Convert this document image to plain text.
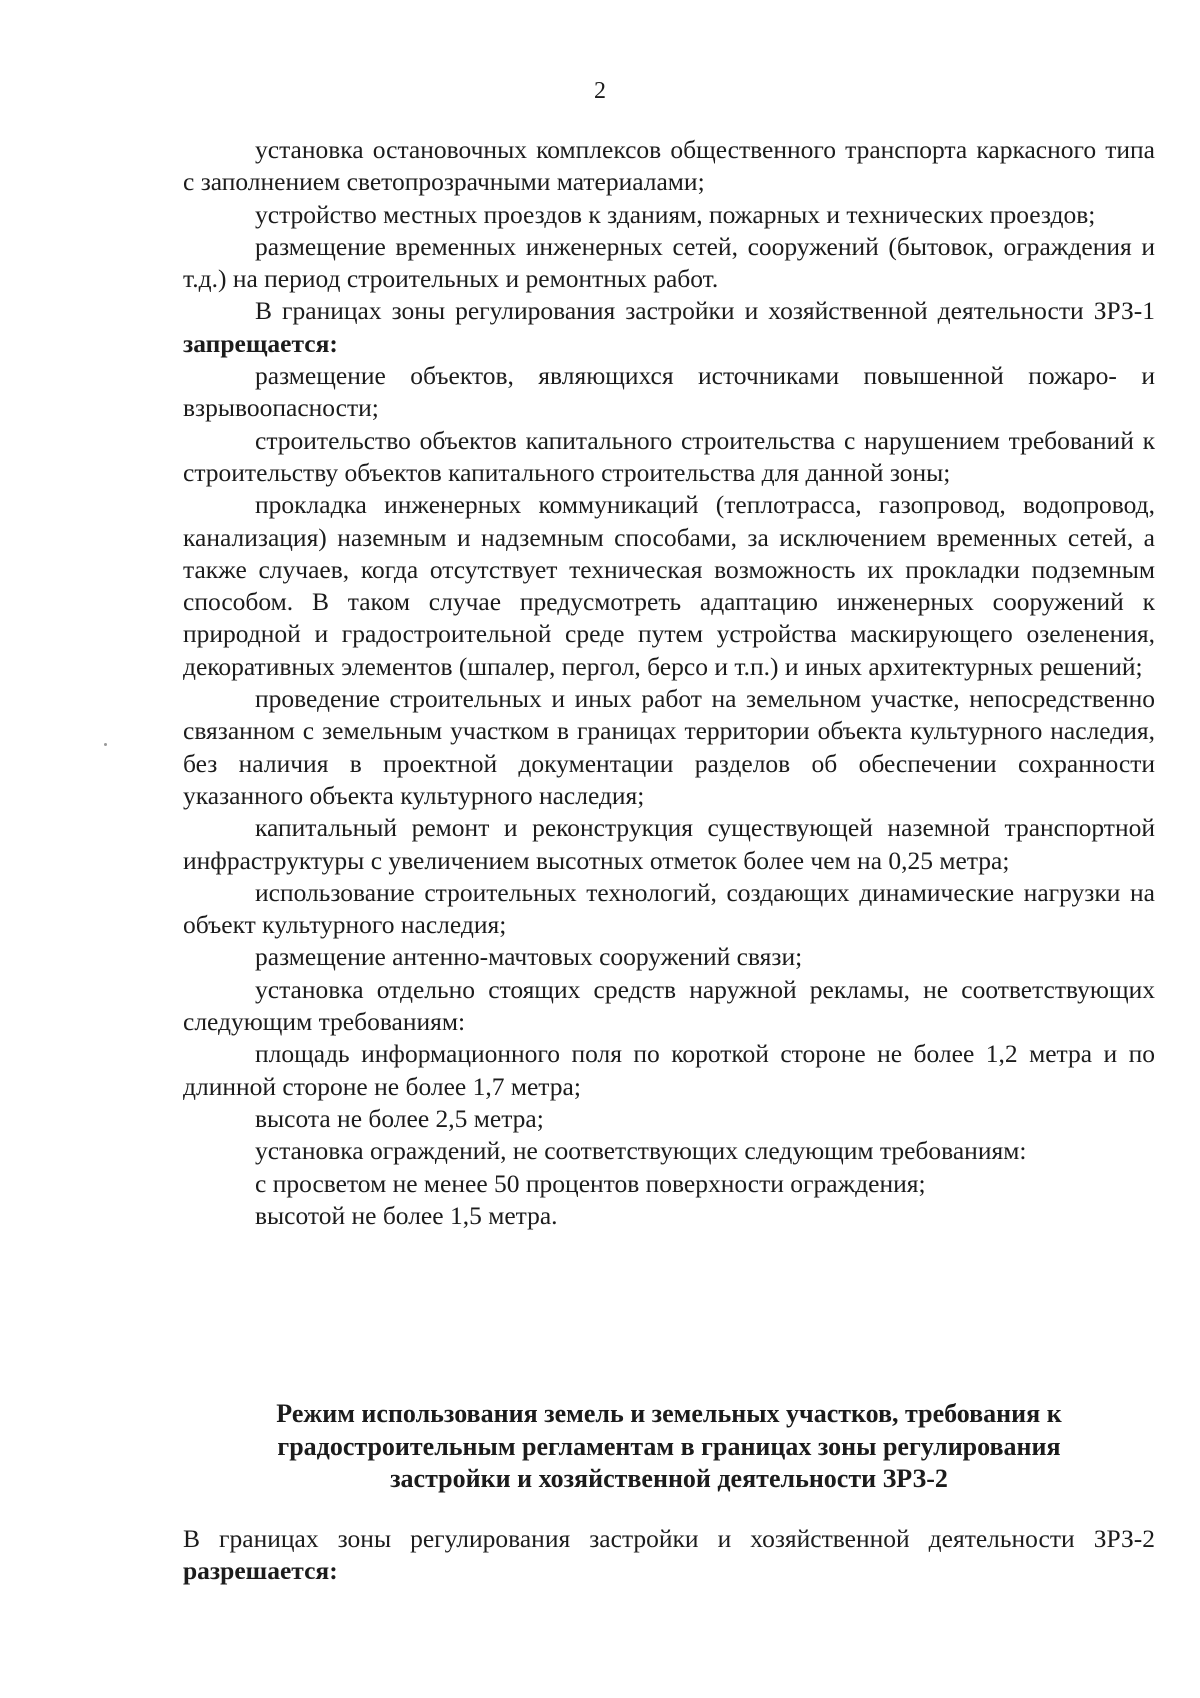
2

установка остановочных комплексов общественного транспорта каркасного типа с заполнением светопрозрачными материалами;

устройство местных проездов к зданиям, пожарных и технических проездов;

размещение временных инженерных сетей, сооружений (бытовок, ограждения и т.д.) на период строительных и ремонтных работ.

В границах зоны регулирования застройки и хозяйственной деятельности ЗРЗ-1 запрещается:

размещение объектов, являющихся источниками повышенной пожаро- и взрывоопасности;

строительство объектов капитального строительства с нарушением требований к строительству объектов капитального строительства для данной зоны;

прокладка инженерных коммуникаций (теплотрасса, газопровод, водопровод, канализация) наземным и надземным способами, за исключением временных сетей, а также случаев, когда отсутствует техническая возможность их прокладки подземным способом. В таком случае предусмотреть адаптацию инженерных сооружений к природной и градостроительной среде путем устройства маскирующего озеленения, декоративных элементов (шпалер, пергол, берсо и т.п.) и иных архитектурных решений;

проведение строительных и иных работ на земельном участке, непосредственно связанном с земельным участком в границах территории объекта культурного наследия, без наличия в проектной документации разделов об обеспечении сохранности указанного объекта культурного наследия;

капитальный ремонт и реконструкция существующей наземной транспортной инфраструктуры с увеличением высотных отметок более чем на 0,25 метра;

использование строительных технологий, создающих динамические нагрузки на объект культурного наследия;

размещение антенно-мачтовых сооружений связи;

установка отдельно стоящих средств наружной рекламы, не соответствующих следующим требованиям:

площадь информационного поля по короткой стороне не более 1,2 метра и по длинной стороне не более 1,7 метра;

высота не более 2,5 метра;

установка ограждений, не соответствующих следующим требованиям:

с просветом не менее 50 процентов поверхности ограждения;

высотой не более 1,5 метра.

Режим использования земель и земельных участков, требования к
градостроительным регламентам в границах зоны регулирования
застройки и хозяйственной деятельности ЗРЗ-2

В границах зоны регулирования застройки и хозяйственной деятельности ЗРЗ-2 разрешается:
